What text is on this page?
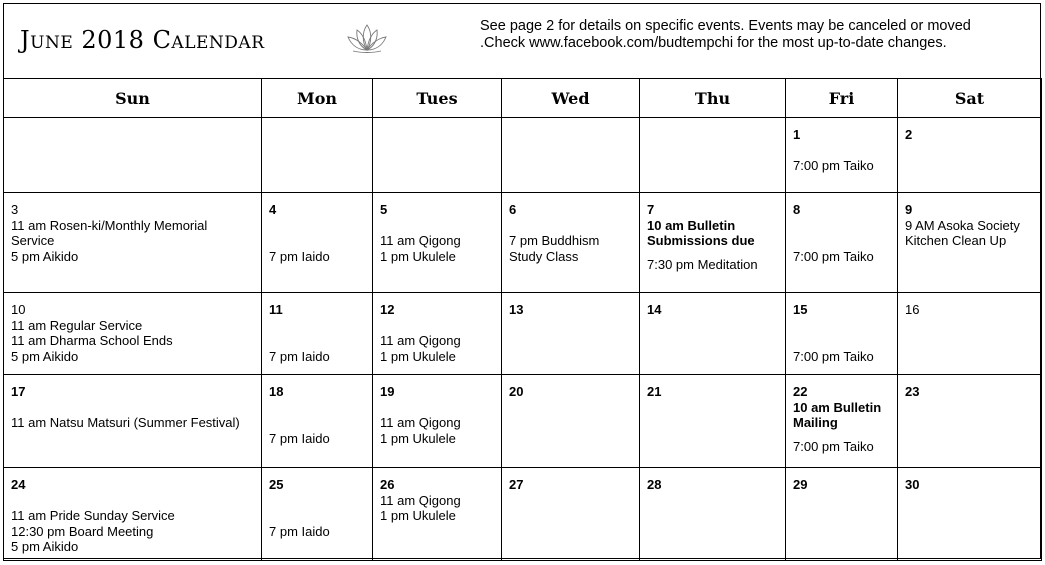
June 2018 Calendar	See page 2 for details on specific events. Events may be canceled or moved
.Check www.facebook.com/budtempchi for the most up-to-date changes.
Sun	Mon	Tues	Wed	Thu	Fri	Sat

					1
7:00 pm Taiko	2

3
11 am Rosen-ki/Monthly Memorial
Service
5 pm Aikido	4
7 pm Iaido	5
11 am Qigong
1 pm Ukulele	6
7 pm Buddhism
Study Class	7
10 am Bulletin Submissions due
7:30 pm Meditation	8
7:00 pm Taiko	9
9 AM Asoka Society
Kitchen Clean Up

10
11 am Regular Service
11 am Dharma School Ends
5 pm Aikido	11
7 pm Iaido	12
11 am Qigong
1 pm Ukulele	13	14	15
7:00 pm Taiko	16

17
11 am Natsu Matsuri (Summer Festival)	18
7 pm Iaido	19
11 am Qigong
1 pm Ukulele	20	21	22
10 am Bulletin Mailing
7:00 pm Taiko	23

24
11 am Pride Sunday Service
12:30 pm Board Meeting
5 pm Aikido	25
7 pm Iaido	26
11 am Qigong
1 pm Ukulele	27	28	29	30
